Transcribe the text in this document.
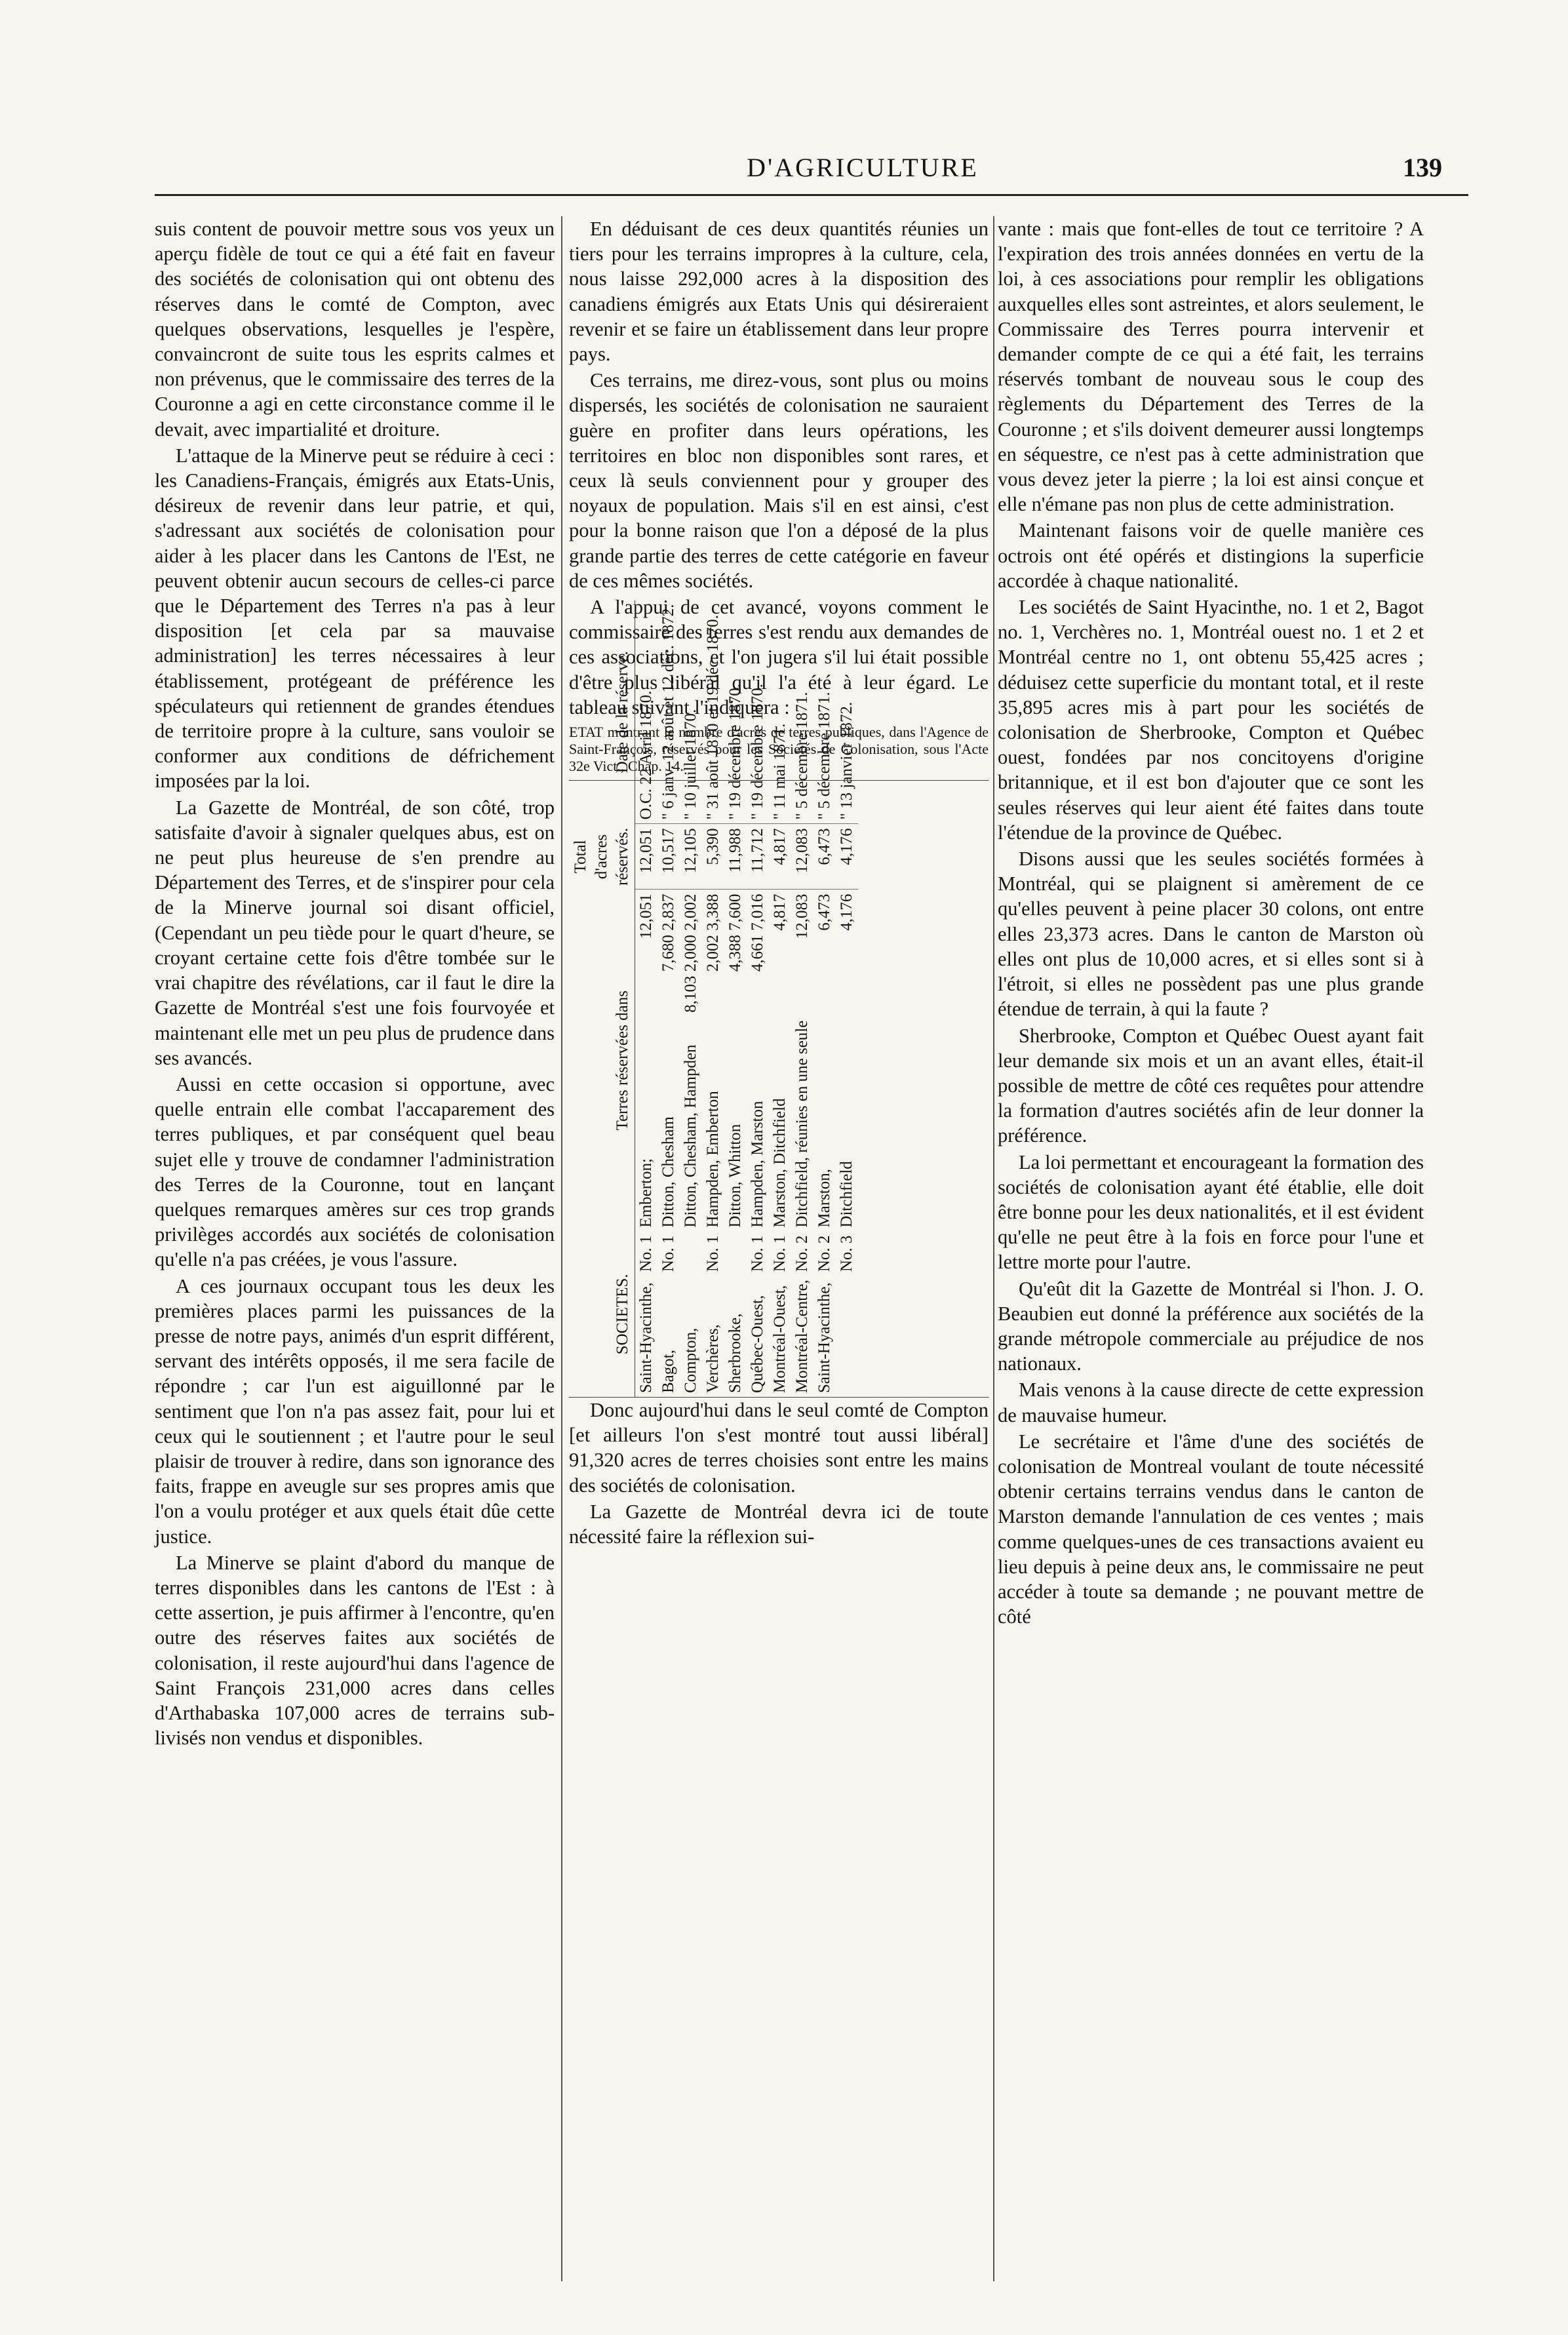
D'AGRICULTURE	139

suis content de pouvoir mettre sous vos yeux un aperçu fidèle de tout ce qui a été fait en faveur des sociétés de colonisation qui ont obtenu des réserves dans le comté de Compton, avec quelques observations, lesquelles je l'espère, convaincront de suite tous les esprits calmes et non prévenus, que le commissaire des terres de la Couronne a agi en cette circonstance comme il le devait, avec impartialité et droiture.

L'attaque de la Minerve peut se réduire à ceci : les Canadiens-Français, émigrés aux Etats-Unis, désireux de revenir dans leur patrie, et qui, s'adressant aux sociétés de colonisation pour aider à les placer dans les Cantons de l'Est, ne peuvent obtenir aucun secours de celles-ci parce que le Département des Terres n'a pas à leur disposition [et cela par sa mauvaise administration] les terres nécessaires à leur établissement, protégeant de préférence les spéculateurs qui retiennent de grandes étendues de territoire propre à la culture, sans vouloir se conformer aux conditions de défrichement imposées par la loi.

La Gazette de Montréal, de son côté, trop satisfaite d'avoir à signaler quelques abus, est on ne peut plus heureuse de s'en prendre au Département des Terres, et de s'inspirer pour cela de la Minerve journal soi disant officiel, (Cependant un peu tiède pour le quart d'heure, se croyant certaine cette fois d'être tombée sur le vrai chapitre des révélations, car il faut le dire la Gazette de Montréal s'est une fois fourvoyée et maintenant elle met un peu plus de prudence dans ses avancés.

Aussi en cette occasion si opportune, avec quelle entrain elle combat l'accaparement des terres publiques, et par conséquent quel beau sujet elle y trouve de condamner l'administration des Terres de la Couronne, tout en lançant quelques remarques amères sur ces trop grands privilèges accordés aux sociétés de colonisation qu'elle n'a pas créées, je vous l'assure.

A ces journaux occupant tous les deux les premières places parmi les puissances de la presse de notre pays, animés d'un esprit différent, servant des intérêts opposés, il me sera facile de répondre ; car l'un est aiguillonné par le sentiment que l'on n'a pas assez fait, pour lui et ceux qui le soutiennent ; et l'autre pour le seul plaisir de trouver à redire, dans son ignorance des faits, frappe en aveugle sur ses propres amis que l'on a voulu protéger et aux quels était dûe cette justice.

La Minerve se plaint d'abord du manque de terres disponibles dans les cantons de l'Est : à cette assertion, je puis affirmer à l'encontre, qu'en outre des réserves faites aux sociétés de colonisation, il reste aujourd'hui dans l'agence de Saint François 231,000 acres dans celles d'Arthabaska 107,000 acres de terrains sub-livisés non vendus et disponibles.

En déduisant de ces deux quantités réunies un tiers pour les terrains impropres à la culture, cela, nous laisse 292,000 acres à la disposition des canadiens émigrés aux Etats Unis qui désireraient revenir et se faire un établissement dans leur propre pays.

Ces terrains, me direz-vous, sont plus ou moins dispersés, les sociétés de colonisation ne sauraient guère en profiter dans leurs opérations, les territoires en bloc non disponibles sont rares, et ceux là seuls conviennent pour y grouper des noyaux de population. Mais s'il en est ainsi, c'est pour la bonne raison que l'on a déposé de la plus grande partie des terres de cette catégorie en faveur de ces mêmes sociétés.

A l'appui de cet avancé, voyons comment le commissaire des terres s'est rendu aux demandes de ces associations, et l'on jugera s'il lui était possible d'être plus libéral qu'il l'a été à leur égard. Le tableau suivant l'indiquera :

ETAT montrant le nombre d'acres de terres publiques, dans l'Agence de Saint-François, réservés pour les Sociétés de Colonisation, sous l'Acte 32e Vict., Chap. 14.
SOCIETES.		Terres réservées dans		Total d'acres réservés.	Date de la réserve.
Saint-Hyacinthe,	No. 1	Emberton;	12,051	12,051	O.C. 22 Avril 1870.
Bagot,	No. 1	Ditton, Chesham	7,680 2,837	10,517	" 6 janv. 12 août et 12 déc. 1872.
Compton,		Ditton, Chesham, Hampden	8,103 2,000 2,002	12,105	" 10 juillet 1870.
Verchères,	No. 1	Hampden, Emberton	2,002 3,388	5,390	" 31 août 1870 et 19 déc. 1870.
Sherbrooke,		Ditton, Whitton	4,388 7,600	11,988	" 19 décembre 1870.
Québec-Ouest,	No. 1	Hampden, Marston	4,661 7,016	11,712	" 19 décembre 1870.
Montréal-Ouest,	No. 1	Marston, Ditchfield	4,817	4,817	" 11 mai 1871.
Montréal-Centre,	No. 2	Ditchfield, réunies en une seule	12,083	12,083	" 5 décembre 1871.
Saint-Hyacinthe,	No. 2	Marston,	6,473	6,473	" 5 décembre 1871.
	No. 3	Ditchfield	4,176	4,176	" 13 janvier 1872.

Donc aujourd'hui dans le seul comté de Compton [et ailleurs l'on s'est montré tout aussi libéral] 91,320 acres de terres choisies sont entre les mains des sociétés de colonisation.

La Gazette de Montréal devra ici de toute nécessité faire la réflexion sui-

vante : mais que font-elles de tout ce territoire ? A l'expiration des trois années données en vertu de la loi, à ces associations pour remplir les obligations auxquelles elles sont astreintes, et alors seulement, le Commissaire des Terres pourra intervenir et demander compte de ce qui a été fait, les terrains réservés tombant de nouveau sous le coup des règlements du Département des Terres de la Couronne ; et s'ils doivent demeurer aussi longtemps en séquestre, ce n'est pas à cette administration que vous devez jeter la pierre ; la loi est ainsi conçue et elle n'émane pas non plus de cette administration.

Maintenant faisons voir de quelle manière ces octrois ont été opérés et distingions la superficie accordée à chaque nationalité.

Les sociétés de Saint Hyacinthe, no. 1 et 2, Bagot no. 1, Verchères no. 1, Montréal ouest no. 1 et 2 et Montréal centre no 1, ont obtenu 55,425 acres ; déduisez cette superficie du montant total, et il reste 35,895 acres mis à part pour les sociétés de colonisation de Sherbrooke, Compton et Québec ouest, fondées par nos concitoyens d'origine britannique, et il est bon d'ajouter que ce sont les seules réserves qui leur aient été faites dans toute l'étendue de la province de Québec.

Disons aussi que les seules sociétés formées à Montréal, qui se plaignent si amèrement de ce qu'elles peuvent à peine placer 30 colons, ont entre elles 23,373 acres. Dans le canton de Marston où elles ont plus de 10,000 acres, et si elles sont si à l'étroit, si elles ne possèdent pas une plus grande étendue de terrain, à qui la faute ?

Sherbrooke, Compton et Québec Ouest ayant fait leur demande six mois et un an avant elles, était-il possible de mettre de côté ces requêtes pour attendre la formation d'autres sociétés afin de leur donner la préférence.

La loi permettant et encourageant la formation des sociétés de colonisation ayant été établie, elle doit être bonne pour les deux nationalités, et il est évident qu'elle ne peut être à la fois en force pour l'une et lettre morte pour l'autre.

Qu'eût dit la Gazette de Montréal si l'hon. J. O. Beaubien eut donné la préférence aux sociétés de la grande métropole commerciale au préjudice de nos nationaux.

Mais venons à la cause directe de cette expression de mauvaise humeur.

Le secrétaire et l'âme d'une des sociétés de colonisation de Montreal voulant de toute nécessité obtenir certains terrains vendus dans le canton de Marston demande l'annulation de ces ventes ; mais comme quelques-unes de ces transactions avaient eu lieu depuis à peine deux ans, le commissaire ne peut accéder à toute sa demande ; ne pouvant mettre de côté
